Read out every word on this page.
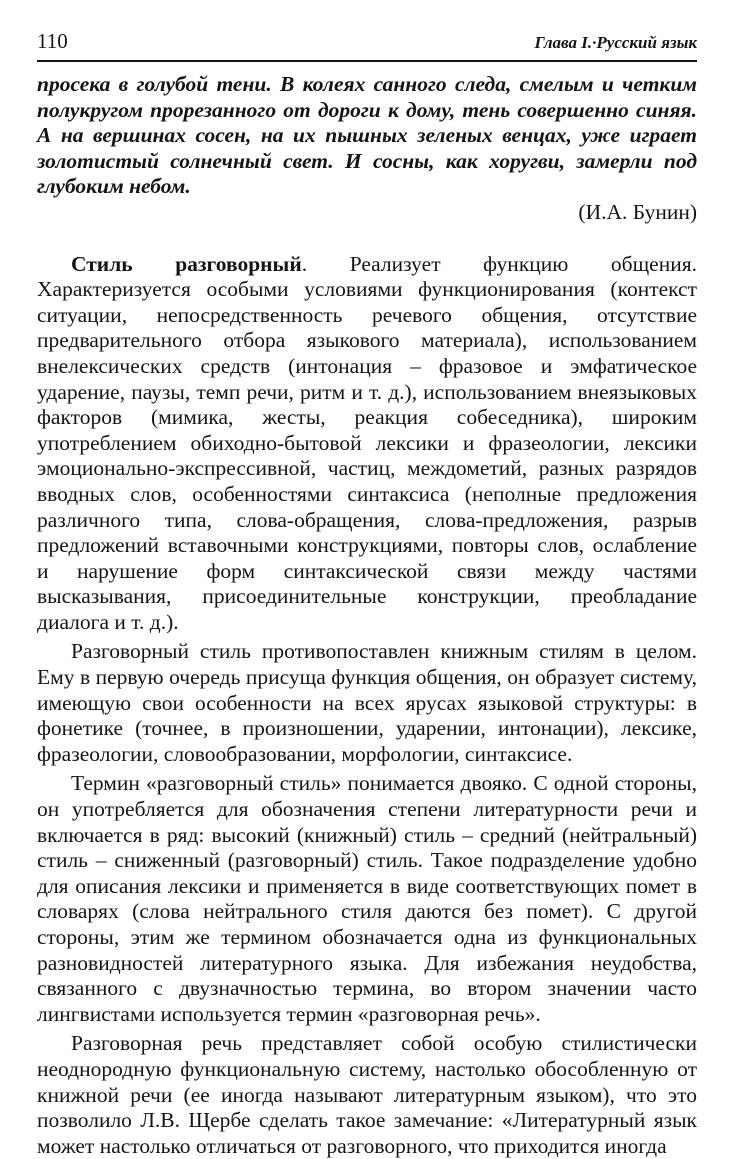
110	Глава I.·Русский язык

просека в голубой тени. В колеях санного следа, смелым и четким полукругом прорезанного от дороги к дому, тень совершенно синяя. А на вершинах сосен, на их пышных зеленых венцах, уже играет золотистый солнечный свет. И сосны, как хоругви, замерли под глубоким небом.

(И.А. Бунин)

Стиль разговорный. Реализует функцию общения. Характеризуется особыми условиями функционирования (контекст ситуации, непосредственность речевого общения, отсутствие предварительного отбора языкового материала), использованием внелексических средств (интонация – фразовое и эмфатическое ударение, паузы, темп речи, ритм и т. д.), использованием внеязыковых факторов (мимика, жесты, реакция собеседника), широким употреблением обиходно-бытовой лексики и фразеологии, лексики эмоционально-экспрессивной, частиц, междометий, разных разрядов вводных слов, особенностями синтаксиса (неполные предложения различного типа, слова-обращения, слова-предложения, разрыв предложений вставочными конструкциями, повторы слов, ослабление и нарушение форм синтаксической связи между частями высказывания, присоединительные конструкции, преобладание диалога и т. д.).

Разговорный стиль противопоставлен книжным стилям в целом. Ему в первую очередь присуща функция общения, он образует систему, имеющую свои особенности на всех ярусах языковой структуры: в фонетике (точнее, в произношении, ударении, интонации), лексике, фразеологии, словообразовании, морфологии, синтаксисе.

Термин «разговорный стиль» понимается двояко. С одной стороны, он употребляется для обозначения степени литературности речи и включается в ряд: высокий (книжный) стиль – средний (нейтральный) стиль – сниженный (разговорный) стиль. Такое подразделение удобно для описания лексики и применяется в виде соответствующих помет в словарях (слова нейтрального стиля даются без помет). С другой стороны, этим же термином обозначается одна из функциональных разновидностей литературного языка. Для избежания неудобства, связанного с двузначностью термина, во втором значении часто лингвистами используется термин «разговорная речь».

Разговорная речь представляет собой особую стилистически неоднородную функциональную систему, настолько обособленную от книжной речи (ее иногда называют литературным языком), что это позволило Л.В. Щербе сделать такое замечание: «Литературный язык может настолько отличаться от разговорного, что приходится иногда
